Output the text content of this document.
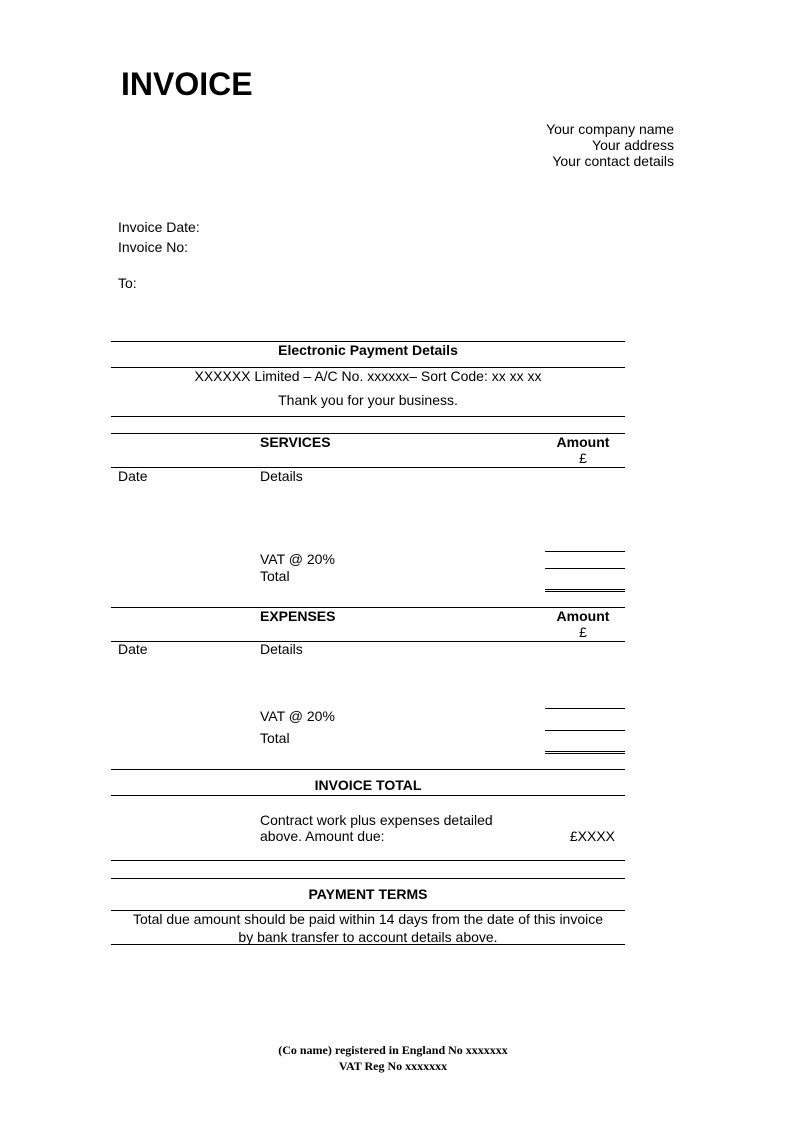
INVOICE
Your company name
Your address
Your contact details
Invoice Date:
Invoice No:
To:
Electronic Payment Details
XXXXXX Limited – A/C No. xxxxxx– Sort Code: xx xx xx
Thank you for your business.
SERVICES	Amount
£
Date	Details
VAT @ 20%
Total
EXPENSES	Amount
£
Date	Details
VAT @ 20%
Total
INVOICE TOTAL
Contract work plus expenses detailed
above. Amount due:	£XXXX
PAYMENT TERMS
Total due amount should be paid within 14 days from the date of this invoice
by bank transfer to account details above.
(Co name) registered in England No xxxxxxx
VAT Reg No xxxxxxx
